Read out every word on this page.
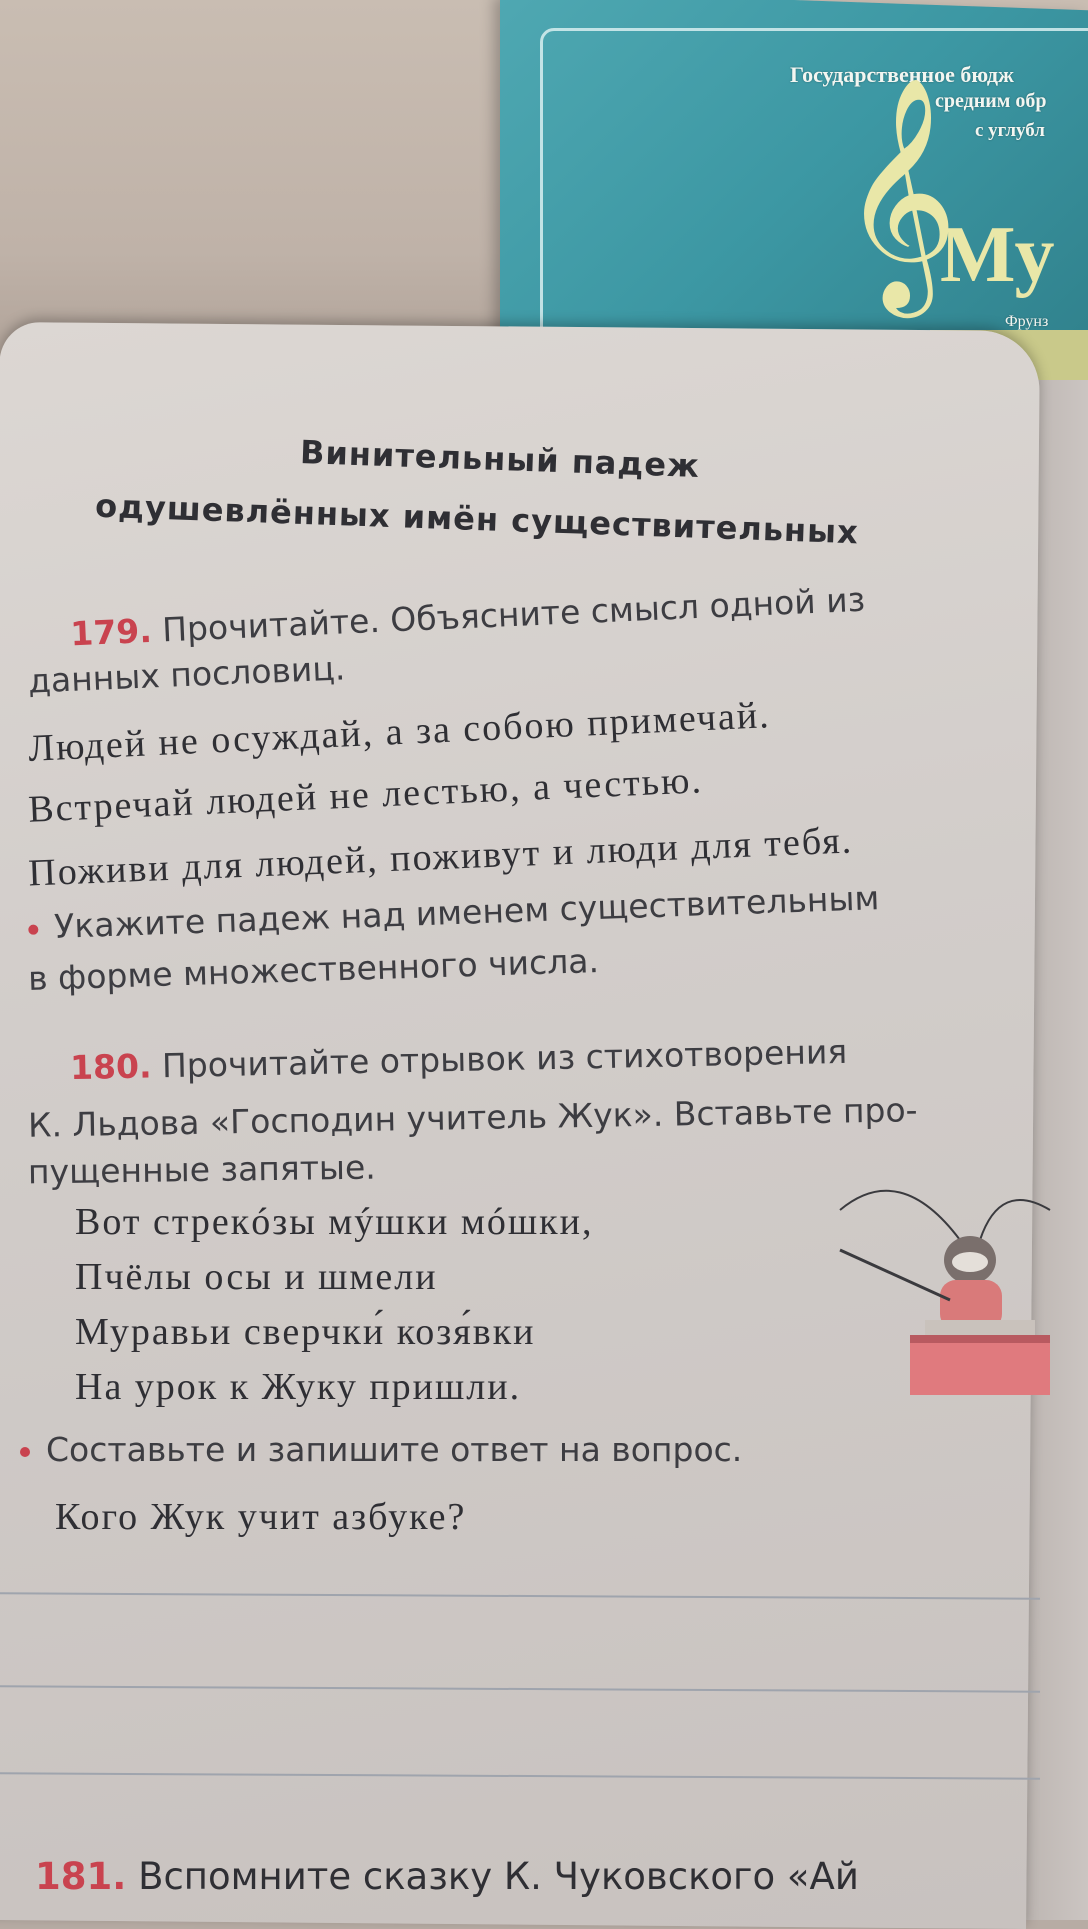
Государственное бюдж
средним обр
с углубл
𝄞
Му
Фрунз
Винительный падеж
одушевлённых имён существительных
179. Прочитайте. Объясните смысл одной из
данных пословиц.
Людей не осуждай, а за собою примечай.
Встречай людей не лестью, а честью.
Поживи для людей, поживут и люди для тебя.
Укажите падеж над именем существительным
в форме множественного числа.
180. Прочитайте отрывок из стихотворения
К. Льдова «Господин учитель Жук». Вставьте про-
пущенные запятые.
Вот стрекóзы мýшки мóшки,
Пчёлы осы и шмели
Муравьи сверчки́ козя́вки
На урок к Жуку пришли.
Составьте и запишите ответ на вопрос.
Кого Жук учит азбуке?
181. Вспомните сказку К. Чуковского «Ай
